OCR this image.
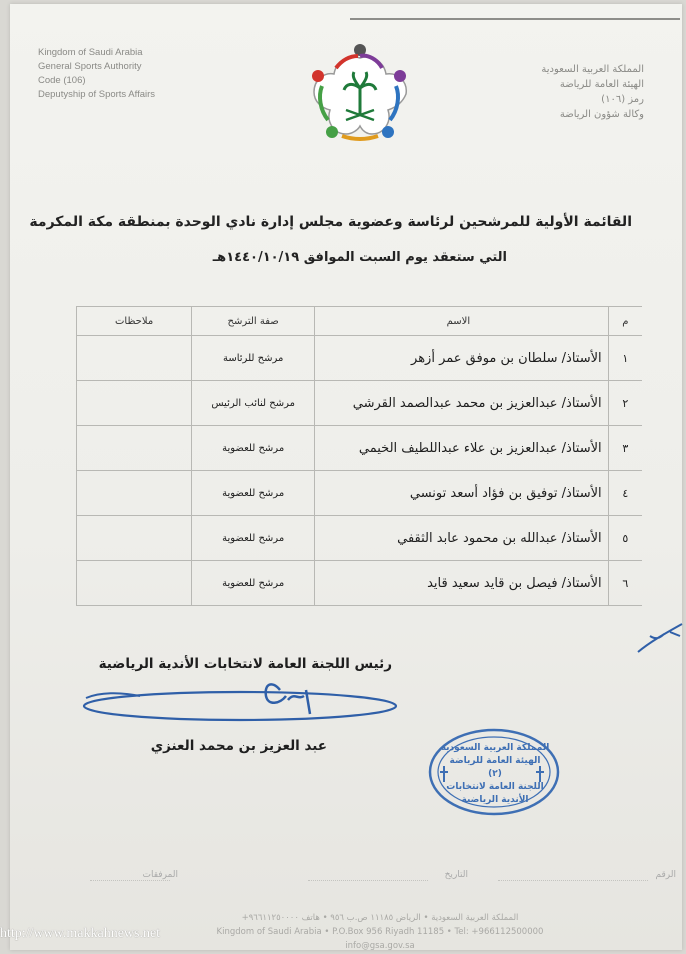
Kingdom of Saudi Arabia
General Sports Authority
Code (106)
Deputyship of Sports Affairs
المملكة العربية السعودية
الهيئة العامة للرياضة
رمز (١٠٦)
وكالة شؤون الرياضة
القائمة الأولية للمرشحين لرئاسة وعضوية مجلس إدارة نادي الوحدة بمنطقة مكة المكرمة
التي ستعقد يوم السبت الموافق ١٤٤٠/١٠/١٩هـ
م	الاسم	صفة الترشح	ملاحظات
١	الأستاذ/ سلطان بن موفق عمر أزهر	مرشح للرئاسة	
٢	الأستاذ/ عبدالعزيز بن محمد عبدالصمد القرشي	مرشح لنائب الرئيس	
٣	الأستاذ/ عبدالعزيز بن علاء عبداللطيف الخيمي	مرشح للعضوية	
٤	الأستاذ/ توفيق بن فؤاد أسعد تونسي	مرشح للعضوية	
٥	الأستاذ/ عبدالله بن محمود عابد الثقفي	مرشح للعضوية	
٦	الأستاذ/ فيصل بن قايد سعيد قايد	مرشح للعضوية	
رئيس اللجنة العامة لانتخابات الأندية الرياضية
عبد العزيز بن محمد العنزي	المملكة العربية السعودية
الهيئة العامة للرياضة
(٢)
اللجنة العامة لانتخابات الأندية الرياضية
الرقم
التاريخ
المرفقات
المملكة العربية السعودية • الرياض ١١١٨٥ ص.ب ٩٥٦ • هاتف ٩٦٦١١٢٥٠٠٠٠+
Kingdom of Saudi Arabia • P.O.Box 956 Riyadh 11185 • Tel: +966112500000
info@gsa.gov.sa
http://www.makkahnews.net
